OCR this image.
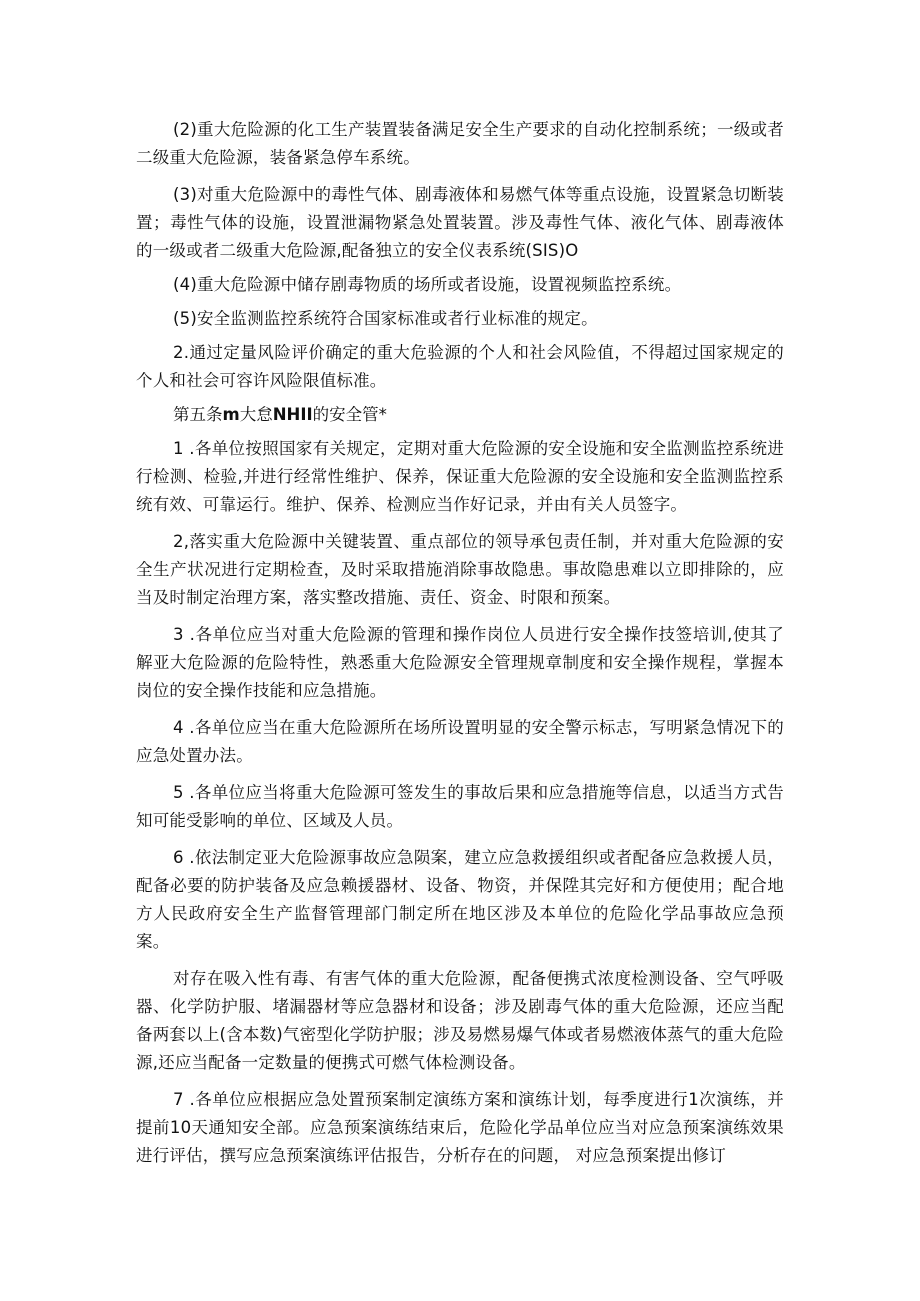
(2)重大危险源的化工生产装置装备满足安全生产要求的自动化控制系统；一级或者二级重大危险源，装备紧急停车系统。

(3)对重大危险源中的毒性气体、剧毒液体和易燃气体等重点设施，设置紧急切断装置；毒性气体的设施，设置泄漏物紧急处置装置。涉及毒性气体、液化气体、剧毒液体的一级或者二级重大危险源,配备独立的安全仪表系统(SIS)O

(4)重大危险源中储存剧毒物质的场所或者设施，设置视频监控系统。

(5)安全监测监控系统符合国家标准或者行业标准的规定。

2.通过定量风险评价确定的重大危验源的个人和社会风险值，不得超过国家规定的个人和社会可容许风险限值标准。

第五条m大怠NHII的安全管*

1 .各单位按照国家有关规定，定期对重大危险源的安全设施和安全监测监控系统进行检测、检验,并进行经常性维护、保养，保证重大危险源的安全设施和安全监测监控系统有效、可靠运行。维护、保养、检测应当作好记录，并由有关人员签字。

2,落实重大危险源中关键装置、重点部位的领导承包责任制，并对重大危险源的安全生产状况进行定期检查，及时采取措施消除事故隐患。事故隐患难以立即排除的，应当及时制定治理方案，落实整改措施、责任、资金、时限和预案。

3 .各单位应当对重大危险源的管理和操作岗位人员进行安全操作技签培训,使其了解亚大危险源的危险特性，熟悉重大危险源安全管理规章制度和安全操作规程，掌握本岗位的安全操作技能和应急措施。

4 .各单位应当在重大危险源所在场所设置明显的安全警示标志，写明紧急情况下的应急处置办法。

5 .各单位应当将重大危险源可签发生的事故后果和应急措施等信息，以适当方式告知可能受影响的单位、区域及人员。

6 .依法制定亚大危险源事故应急陨案，建立应急救援组织或者配备应急救援人员，配备必要的防护装备及应急赖援器材、设备、物资，并保陞其完好和方便使用；配合地方人民政府安全生产监督管理部门制定所在地区涉及本单位的危险化学品事故应急预案。

对存在吸入性有毒、有害气体的重大危险源，配备便携式浓度检测设备、空气呼吸器、化学防护服、堵漏器材等应急器材和设备；涉及剧毒气体的重大危险源，还应当配备两套以上(含本数)气密型化学防护服；涉及易燃易爆气体或者易燃液体蒸气的重大危险源,还应当配备一定数量的便携式可燃气体检测设备。

7 .各单位应根据应急处置预案制定演练方案和演练计划，每季度进行1次演练，并提前10天通知安全部。应急预案演练结束后，危险化学品单位应当对应急预案演练效果进行评估，撰写应急预案演练评估报告，分析存在的问题， 对应急预案提出修订
